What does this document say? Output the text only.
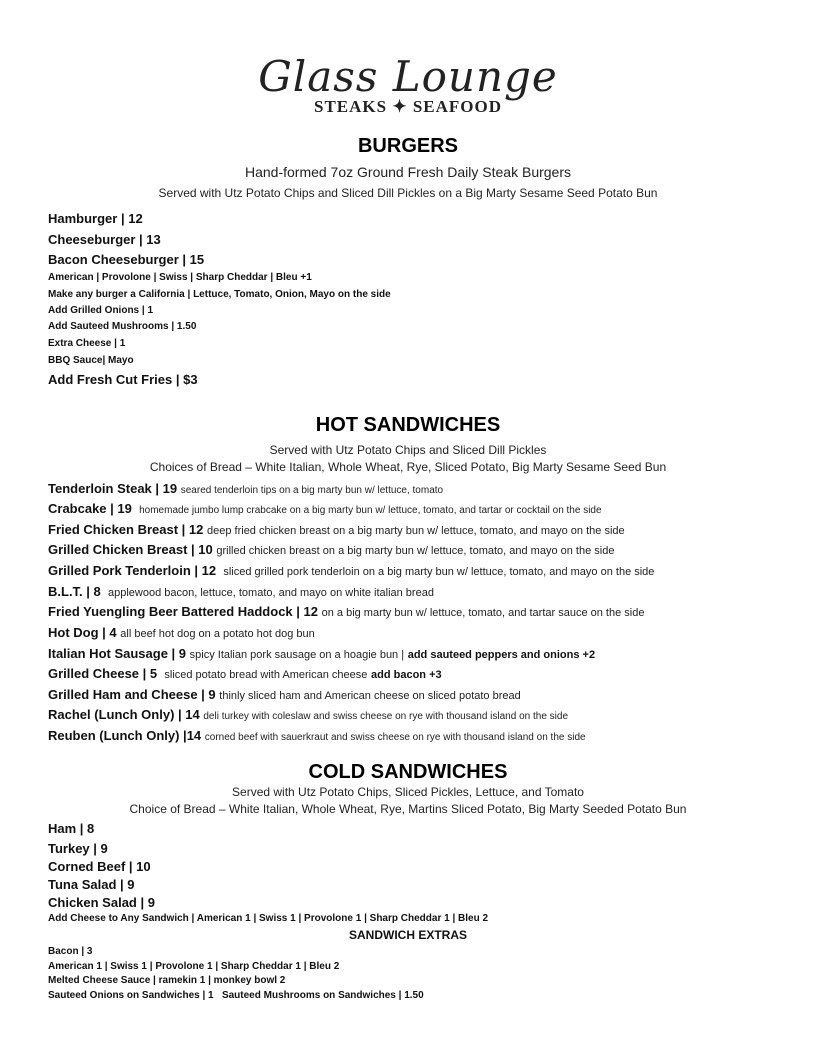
Glass Lounge
STEAKS ✦ SEAFOOD
BURGERS
Hand-formed 7oz Ground Fresh Daily Steak Burgers
Served with Utz Potato Chips and Sliced Dill Pickles on a Big Marty Sesame Seed Potato Bun
Hamburger | 12
Cheeseburger | 13
Bacon Cheeseburger | 15
American | Provolone | Swiss | Sharp Cheddar | Bleu +1
Make any burger a California | Lettuce, Tomato, Onion, Mayo on the side
Add Grilled Onions | 1
Add Sauteed Mushrooms | 1.50
Extra Cheese | 1
BBQ Sauce| Mayo
Add Fresh Cut Fries | $3
HOT SANDWICHES
Served with Utz Potato Chips and Sliced Dill Pickles
Choices of Bread – White Italian, Whole Wheat, Rye, Sliced Potato, Big Marty Sesame Seed Bun
Tenderloin Steak | 19 seared tenderloin tips on a big marty bun w/ lettuce, tomato
Crabcake | 19 homemade jumbo lump crabcake on a big marty bun w/ lettuce, tomato, and tartar or cocktail on the side
Fried Chicken Breast | 12 deep fried chicken breast on a big marty bun w/ lettuce, tomato, and mayo on the side
Grilled Chicken Breast | 10 grilled chicken breast on a big marty bun w/ lettuce, tomato, and mayo on the side
Grilled Pork Tenderloin | 12 sliced grilled pork tenderloin on a big marty bun w/ lettuce, tomato, and mayo on the side
B.L.T. | 8 applewood bacon, lettuce, tomato, and mayo on white italian bread
Fried Yuengling Beer Battered Haddock | 12 on a big marty bun w/ lettuce, tomato, and tartar sauce on the side
Hot Dog | 4 all beef hot dog on a potato hot dog bun
Italian Hot Sausage | 9 spicy Italian pork sausage on a hoagie bun | add sauteed peppers and onions +2
Grilled Cheese | 5 sliced potato bread with American cheese add bacon +3
Grilled Ham and Cheese | 9 thinly sliced ham and American cheese on sliced potato bread
Rachel (Lunch Only) | 14 deli turkey with coleslaw and swiss cheese on rye with thousand island on the side
Reuben (Lunch Only) |14 corned beef with sauerkraut and swiss cheese on rye with thousand island on the side
COLD SANDWICHES
Served with Utz Potato Chips, Sliced Pickles, Lettuce, and Tomato
Choice of Bread – White Italian, Whole Wheat, Rye, Martins Sliced Potato, Big Marty Seeded Potato Bun
Ham | 8
Turkey | 9
Corned Beef | 10
Tuna Salad | 9
Chicken Salad | 9
Add Cheese to Any Sandwich | American 1 | Swiss 1 | Provolone 1 | Sharp Cheddar 1 | Bleu 2
SANDWICH EXTRAS
Bacon | 3
American 1 | Swiss 1 | Provolone 1 | Sharp Cheddar 1 | Bleu 2
Melted Cheese Sauce | ramekin 1 | monkey bowl 2
Sauteed Onions on Sandwiches | 1   Sauteed Mushrooms on Sandwiches | 1.50
